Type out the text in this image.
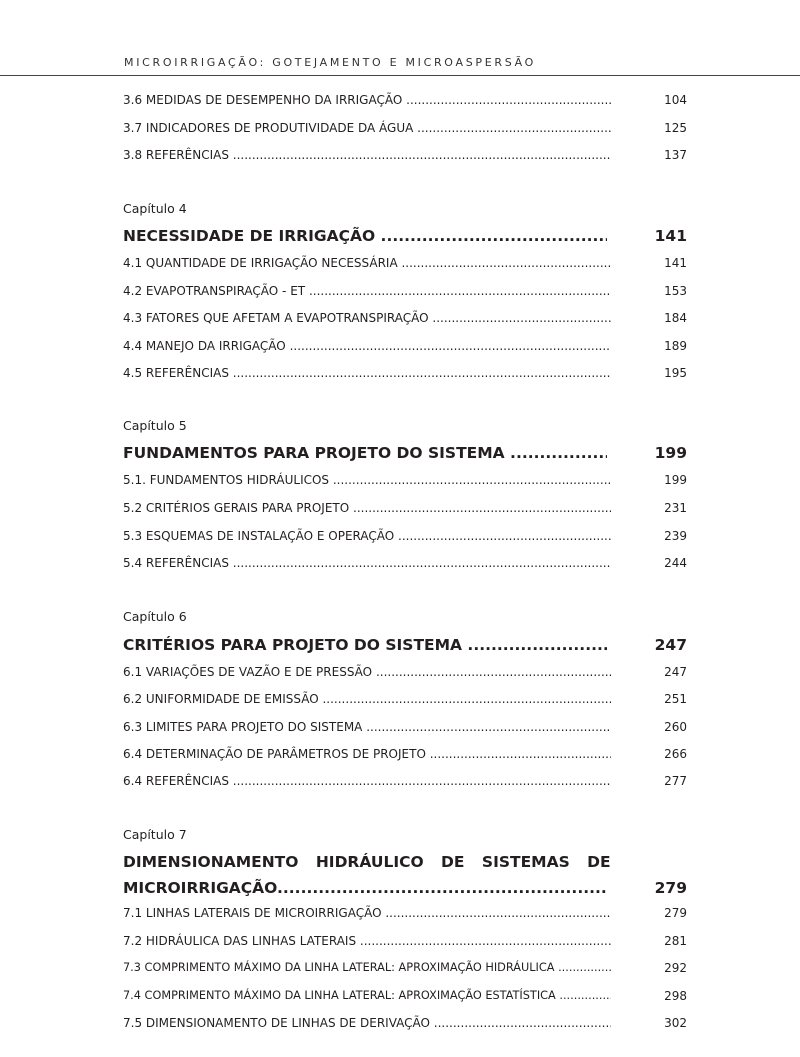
MICROIRRIGAÇÃO: GOTEJAMENTO E MICROASPERSÃO
3.6 MEDIDAS DE DESEMPENHO DA IRRIGAÇÃO .....	104
3.7 INDICADORES DE PRODUTIVIDADE DA ÁGUA .....	125
3.8 REFERÊNCIAS .....	137
Capítulo 4
NECESSIDADE DE IRRIGAÇÃO .....	141
4.1 QUANTIDADE DE IRRIGAÇÃO NECESSÁRIA .....	141
4.2 EVAPOTRANSPIRAÇÃO - ET .....	153
4.3 FATORES QUE AFETAM A EVAPOTRANSPIRAÇÃO .....	184
4.4 MANEJO DA IRRIGAÇÃO .....	189
4.5 REFERÊNCIAS .....	195
Capítulo 5
FUNDAMENTOS PARA PROJETO DO SISTEMA .....	199
5.1. FUNDAMENTOS HIDRÁULICOS .....	199
5.2 CRITÉRIOS GERAIS PARA PROJETO .....	231
5.3 ESQUEMAS DE INSTALAÇÃO E OPERAÇÃO .....	239
5.4 REFERÊNCIAS .....	244
Capítulo 6
CRITÉRIOS PARA PROJETO DO SISTEMA .....	247
6.1 VARIAÇÕES DE VAZÃO E DE PRESSÃO .....	247
6.2 UNIFORMIDADE DE EMISSÃO .....	251
6.3 LIMITES PARA PROJETO DO SISTEMA .....	260
6.4 DETERMINAÇÃO DE PARÂMETROS DE PROJETO .....	266
6.4 REFERÊNCIAS .....	277
Capítulo 7
DIMENSIONAMENTO HIDRÁULICO DE SISTEMAS DE
MICROIRRIGAÇÃO .....	279
7.1 LINHAS LATERAIS DE MICROIRRIGAÇÃO .....	279
7.2 HIDRÁULICA DAS LINHAS LATERAIS .....	281
7.3 COMPRIMENTO MÁXIMO DA LINHA LATERAL: APROXIMAÇÃO HIDRÁULICA .....	292
7.4 COMPRIMENTO MÁXIMO DA LINHA LATERAL: APROXIMAÇÃO ESTATÍSTICA .....	298
7.5 DIMENSIONAMENTO DE LINHAS DE DERIVAÇÃO .....	302
